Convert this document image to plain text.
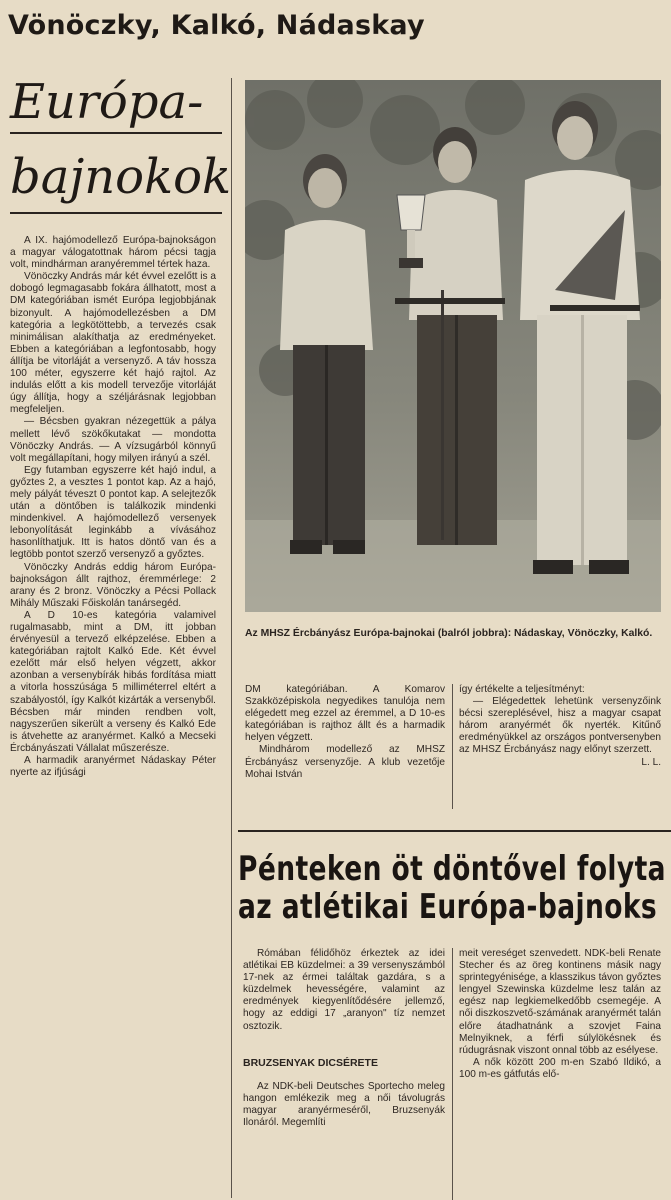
Vönöczky, Kalkó, Nádaskay
Európa-
bajnokok

A IX. hajómodellező Európa-bajnokságon a magyar válogatottnak három pécsi tagja volt, mindhárman aranyéremmel tértek haza.

Vönöczky András már két évvel ezelőtt is a dobogó legmagasabb fokára állhatott, most a DM kategóriában ismét Európa legjobbjának bizonyult. A hajómodellezésben a DM kategória a legkötöttebb, a tervezés csak minimálisan alakíthatja az eredményeket. Ebben a kategóriában a legfontosabb, hogy állítja be vitorláját a versenyző. A táv hossza 100 méter, egyszerre két hajó rajtol. Az indulás előtt a kis modell tervezője vitorláját úgy állítja, hogy a széljárásnak legjobban megfeleljen.

— Bécsben gyakran nézegettük a pálya mellett lévő szökőkutakat — mondotta Vönöczky András. — A vízsugárból könnyű volt megállapítani, hogy milyen irányú a szél.

Egy futamban egyszerre két hajó indul, a győztes 2, a vesztes 1 pontot kap. Az a hajó, mely pályát téveszt 0 pontot kap. A selejtezők után a döntőben is találkozik mindenki mindenkivel. A hajómodellező versenyek lebonyolítását leginkább a vívásához hasonlíthatjuk. Itt is hatos döntő van és a legtöbb pontot szerző versenyző a győztes.

Vönöczky András eddig három Európa-bajnokságon állt rajthoz, éremmérlege: 2 arany és 2 bronz. Vönöczky a Pécsi Pollack Mihály Műszaki Főiskolán tanársegéd.

A D 10-es kategória valamivel rugalmasabb, mint a DM, itt jobban érvényesül a tervező elképzelése. Ebben a kategóriában rajtolt Kalkó Ede. Két évvel ezelőtt már első helyen végzett, akkor azonban a versenybírák hibás fordítása miatt a vitorla hosszúsága 5 milliméterrel eltért a szabályostól, így Kalkót kizárták a versenyből. Bécsben már minden rendben volt, nagyszerűen sikerült a verseny és Kalkó Ede is átvehette az aranyérmet. Kalkó a Mecseki Ércbányászati Vállalat műszerésze.

A harmadik aranyérmet Nádaskay Péter nyerte az ifjúsági

Az MHSZ Ércbányász Európa-bajnokai (balról jobbra): Nádaskay, Vönöczky, Kalkó.

DM kategóriában. A Komarov Szakközépiskola negyedikes tanulója nem elégedett meg ezzel az éremmel, a D 10-es kategóriában is rajthoz állt és a harmadik helyen végzett.

Mindhárom modellező az MHSZ Ércbányász versenyzője. A klub vezetője Mohai István

így értékelte a teljesítményt:

— Elégedettek lehetünk versenyzőink bécsi szereplésével, hisz a magyar csapat három aranyérmét ők nyerték. Kitűnő eredményükkel az országos pontversenyben az MHSZ Ércbányász nagy előnyt szerzett.

L. L.
Pénteken öt döntővel folyta
az atlétikai Európa-bajnoks

Rómában félidőhöz érkeztek az idei atlétikai EB küzdelmei: a 39 versenyszámból 17-nek az érmei találtak gazdára, s a küzdelmek hevességére, valamint az eredmények kiegyenlítődésére jellemző, hogy az eddigi 17 „aranyon" tíz nemzet osztozik.

BRUZSENYAK DICSÉRETE

Az NDK-beli Deutsches Sportecho meleg hangon emlékezik meg a női távolugrás magyar aranyérmeséről, Bruzsenyák Ilonáról. Megemlíti

meit vereséget szenvedett. NDK-beli Renate Stecher és az öreg kontinens másik nagy sprintegyénisége, a klasszikus távon győztes lengyel Szewinska küzdelme lesz talán az egész nap legkiemelkedőbb csemegéje. A női diszkoszvető-számának aranyérmét talán előre átadhatnánk a szovjet Faina Melnyiknek, a férfi súlylökésnek és rúdugrásnak viszont onnal több az esélyese.

A nők között 200 m-en Szabó Ildikó, a 100 m-es gátfutás elő-
